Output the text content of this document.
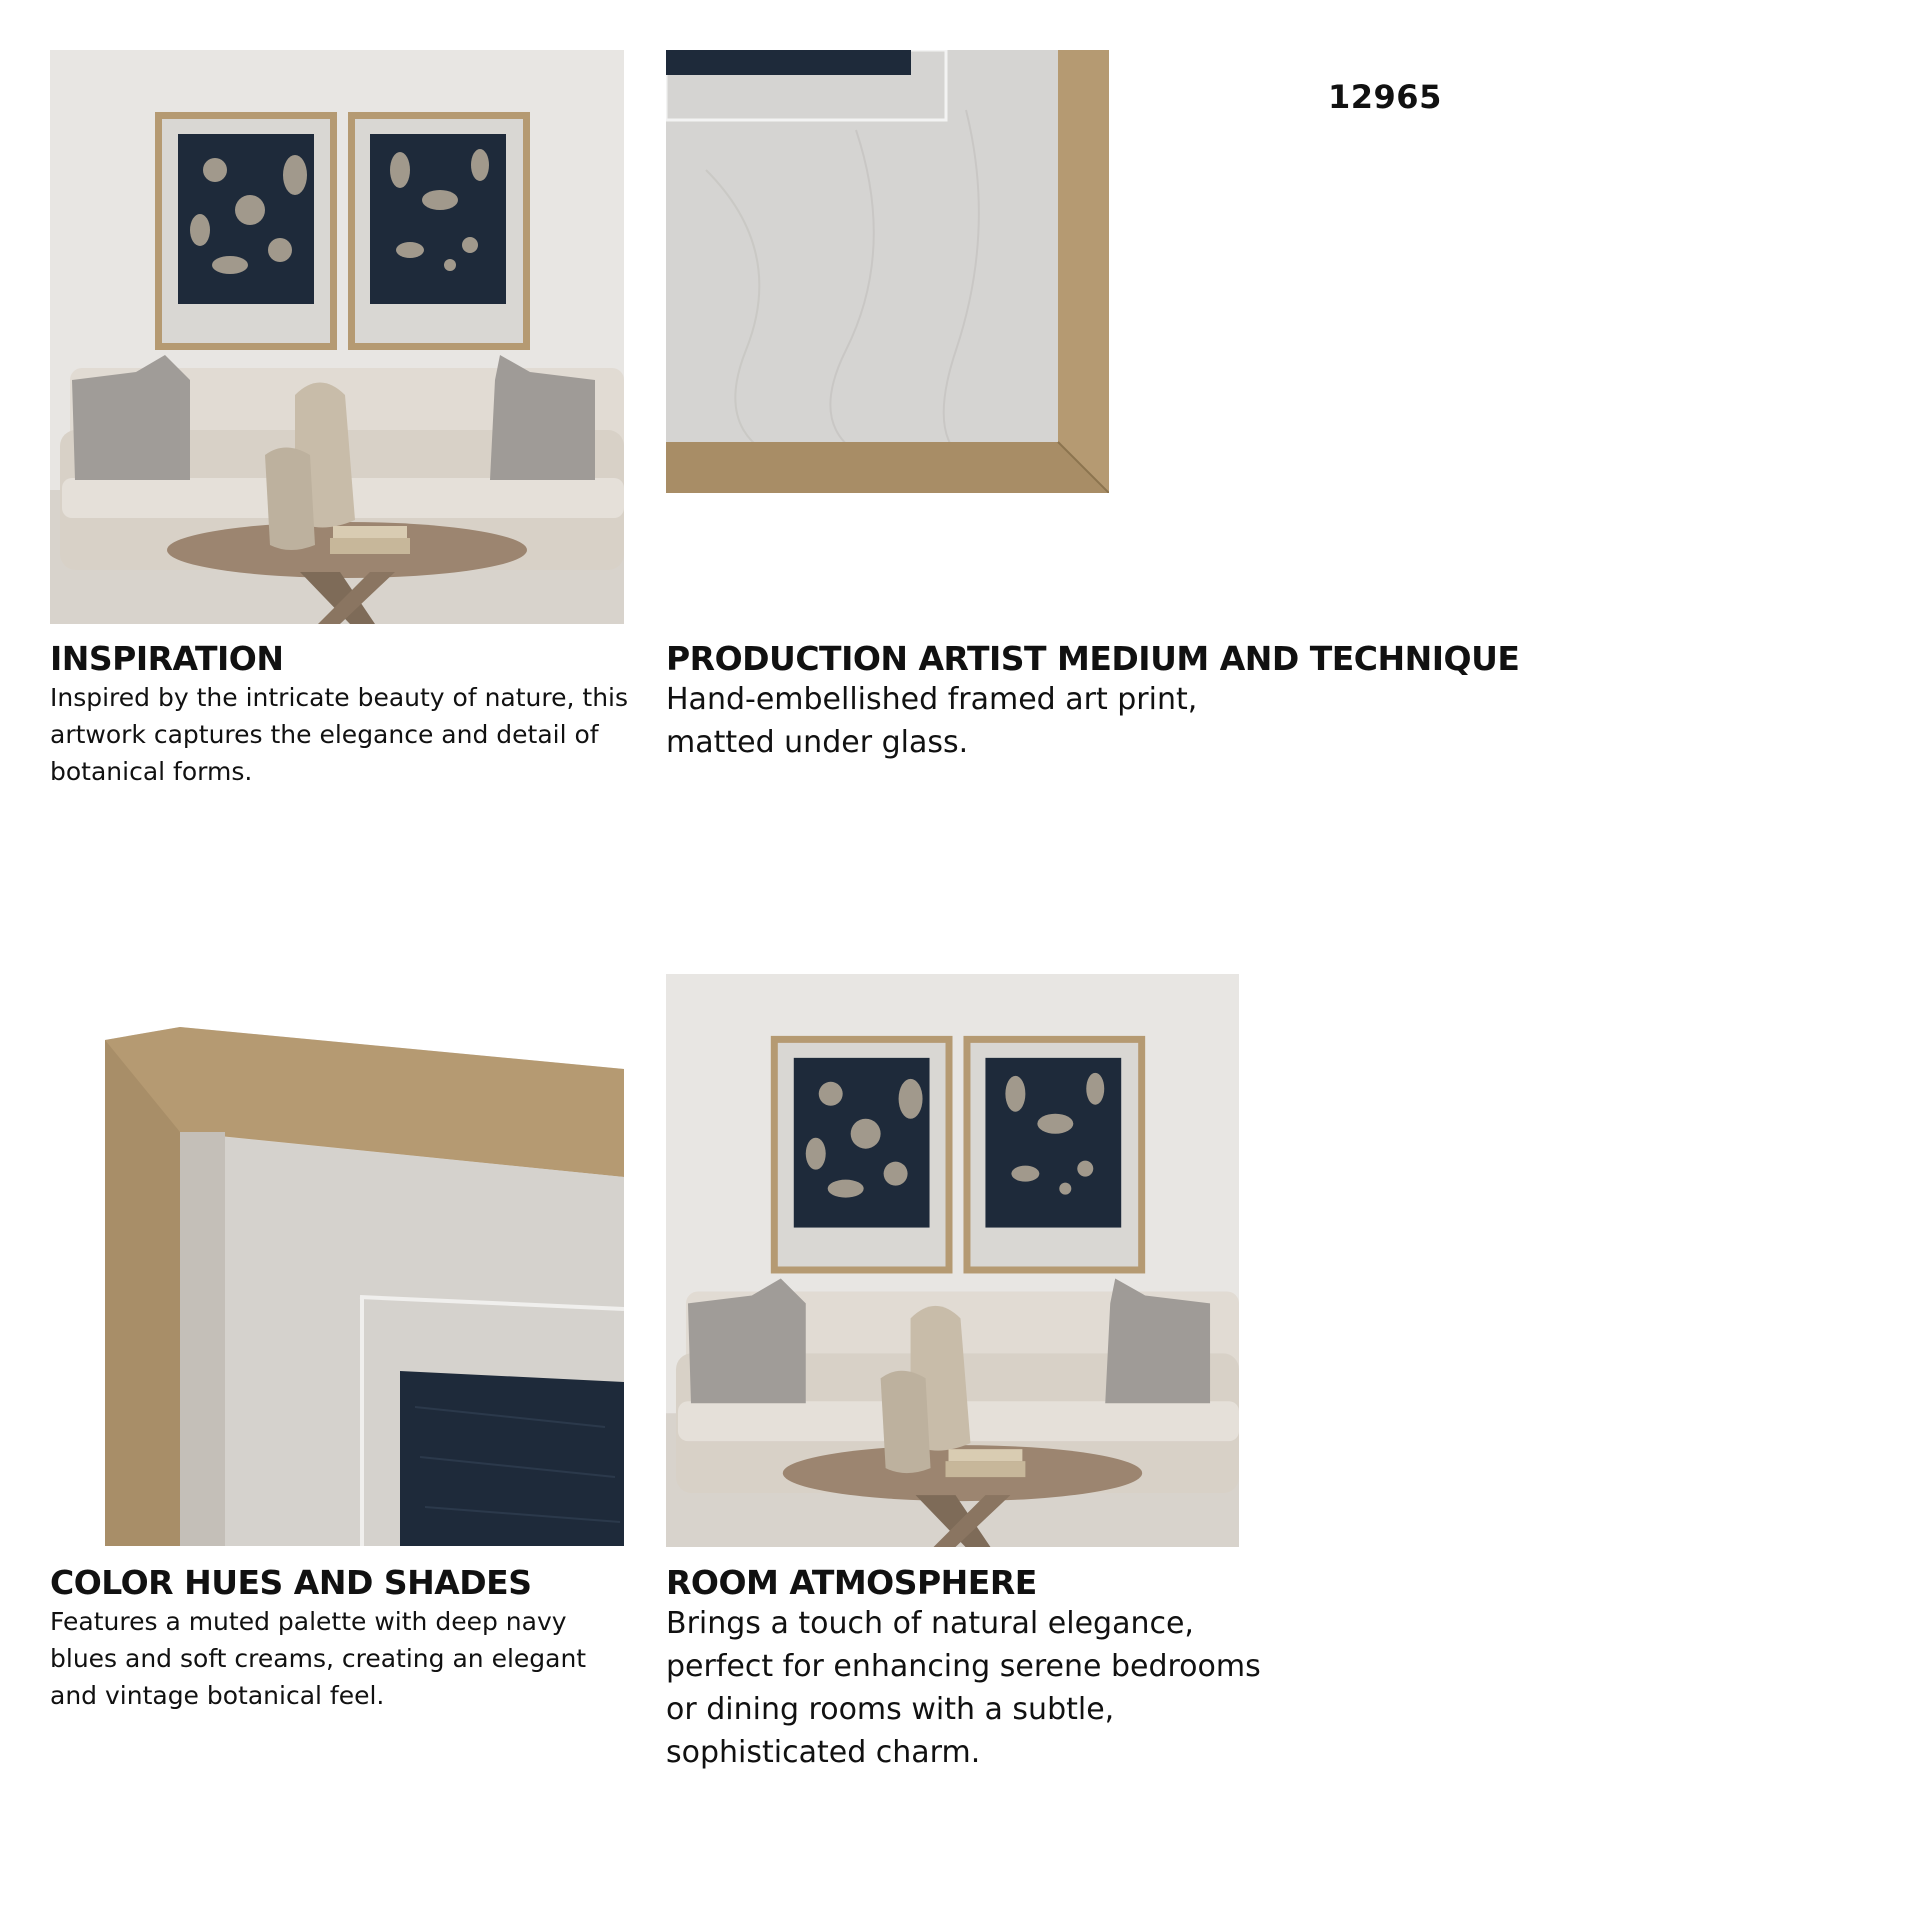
12965
INSPIRATION
Inspired by the intricate beauty of nature, this
artwork captures the elegance and detail of
botanical forms.
PRODUCTION ARTIST MEDIUM AND TECHNIQUE
Hand-embellished framed art print,
matted under glass.
COLOR HUES AND SHADES
Features a muted palette with deep navy
blues and soft creams, creating an elegant
and vintage botanical feel.
ROOM ATMOSPHERE
Brings a touch of natural elegance,
perfect for enhancing serene bedrooms
or dining rooms with a subtle,
sophisticated charm.
